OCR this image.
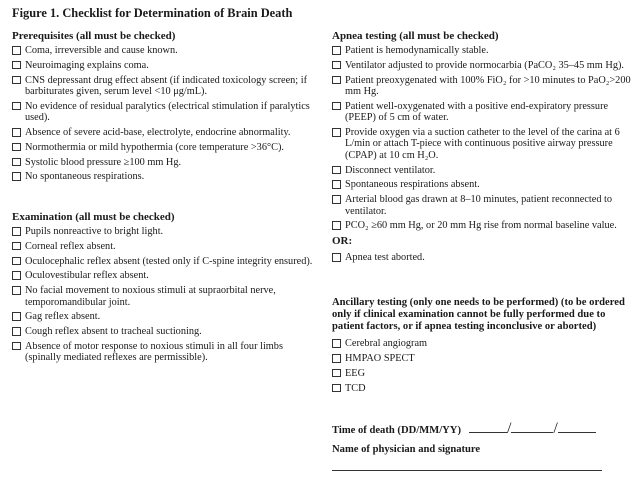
Figure 1. Checklist for Determination of Brain Death
Prerequisites (all must be checked)
Coma, irreversible and cause known.
Neuroimaging explains coma.
CNS depressant drug effect absent (if indicated toxicology screen; if barbiturates given, serum level <10 μg/mL).
No evidence of residual paralytics (electrical stimulation if paralytics used).
Absence of severe acid-base, electrolyte, endocrine abnormality.
Normothermia or mild hypothermia (core temperature >36°C).
Systolic blood pressure ≥100 mm Hg.
No spontaneous respirations.
Examination (all must be checked)
Pupils nonreactive to bright light.
Corneal reflex absent.
Oculocephalic reflex absent (tested only if C-spine integrity ensured).
Oculovestibular reflex absent.
No facial movement to noxious stimuli at supraorbital nerve, temporomandibular joint.
Gag reflex absent.
Cough reflex absent to tracheal suctioning.
Absence of motor response to noxious stimuli in all four limbs (spinally mediated reflexes are permissible).
Apnea testing (all must be checked)
Patient is hemodynamically stable.
Ventilator adjusted to provide normocarbia (PaCO₂ 35–45 mm Hg).
Patient preoxygenated with 100% FiO₂ for >10 minutes to PaO₂>200 mm Hg.
Patient well-oxygenated with a positive end-expiratory pressure (PEEP) of 5 cm of water.
Provide oxygen via a suction catheter to the level of the carina at 6 L/min or attach T-piece with continuous positive airway pressure (CPAP) at 10 cm H₂O.
Disconnect ventilator.
Spontaneous respirations absent.
Arterial blood gas drawn at 8–10 minutes, patient reconnected to ventilator.
PCO₂ ≥60 mm Hg, or 20 mm Hg rise from normal baseline value.
OR:
Apnea test aborted.
Ancillary testing (only one needs to be performed) (to be ordered only if clinical examination cannot be fully performed due to patient factors, or if apnea testing inconclusive or aborted)
Cerebral angiogram
HMPAO SPECT
EEG
TCD
Time of death (DD/MM/YY)	/	/
Name of physician and signature
